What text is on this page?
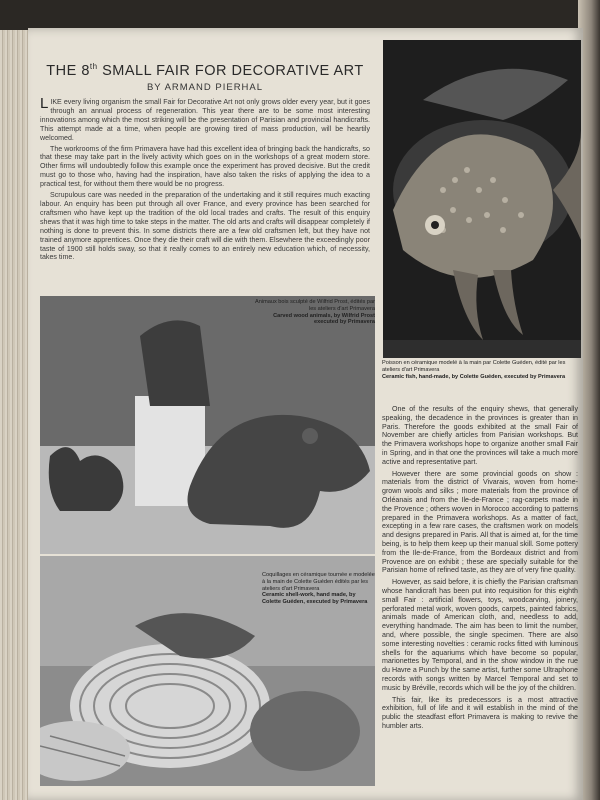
THE 8th SMALL FAIR FOR DECORATIVE ART
BY ARMAND PIERHAL

LIKE every living organism the small Fair for Decorative Art not only grows older every year, but it goes through an annual process of regeneration. This year there are to be some most interesting innovations among which the most striking will be the presentation of Parisian and provincial handicrafts. This attempt made at a time, when people are growing tired of mass production, will be heartily welcomed.

The workrooms of the firm Primavera have had this excellent idea of bringing back the handicrafts, so that these may take part in the lively activity which goes on in the workshops of a great modern store. Other firms will undoubtedly follow this example once the experiment has proved decisive. But the credit must go to those who, having had the inspiration, have also taken the risks of applying the idea to a practical test, for without them there would be no progress.

Scrupulous care was needed in the preparation of the undertaking and it still requires much exacting labour. An enquiry has been put through all over France, and every province has been searched for craftsmen who have kept up the tradition of the old local trades and crafts. The result of this enquiry shews that it was high time to take steps in the matter. The old arts and crafts will disappear completely if nothing is done to prevent this. In some districts there are a few old craftsmen left, but they have not trained anymore apprentices. Once they die their craft will die with them. Elsewhere the exceedingly poor taste of 1900 still holds sway, so that it really comes to an entirely new education which, of necessity, takes time.

Poisson en céramique modelé à la main par Colette Guéden, édité par les ateliers d'art Primavera
Ceramic fish, hand-made, by Colette Guéden, executed by Primavera
Animaux bois sculpté de Wilfrid Prost, édités par les ateliers d'art Primavera
Carved wood animals, by Wilfrid Prost executed by Primavera
Coquillages en céramique tournée e modelée à la main de Colette Guéden édités par les ateliers d'art Primavera
Ceramic shell-work, hand made, by Colette Guéden, executed by Primavera

One of the results of the enquiry shews, that generally speaking, the decadence in the provinces is greater than in Paris. Therefore the goods exhibited at the small Fair of November are chiefly articles from Parisian workshops. But the Primavera workshops hope to organize another small Fair in Spring, and in that one the provinces will take a much more active and representative part.

However there are some provincial goods on show : materials from the district of Vivarais, woven from home-grown wools and silks ; more materials from the province of Orléanais and from the Ile-de-France ; rag-carpets made in the Provence ; others woven in Morocco according to patterns prepared in the Primavera workshops. As a matter of fact, excepting in a few rare cases, the craftsmen work on models and designs prepared in Paris. All that is aimed at, for the time being, is to help them keep up their manual skill. Some pottery from the Ile-de-France, from the Bordeaux district and from Provence are on exhibit ; these are specially suitable for the Parisian home of refined taste, as they are of very fine quality.

However, as said before, it is chiefly the Parisian craftsman whose handicraft has been put into requisition for this eighth small Fair : artificial flowers, toys, woodcarving, joinery, perforated metal work, woven goods, carpets, painted fabrics, animals made of American cloth, and, needless to add, everything handmade. The aim has been to limit the number, and, where possible, the single specimen. There are also some interesting novelties : ceramic rocks fitted with luminous shells for the aquariums which have become so popular, marionettes by Temporal, and in the show window in the rue du Havre a Punch by the same artist, further some Ultraphone records with songs written by Marcel Temporal and set to music by Bréville, records which will be the joy of the children.

This fair, like its predecessors is a most attractive exhibition, full of life and it will establish in the mind of the public the steadfast effort Primavera is making to revive the humbler arts.
